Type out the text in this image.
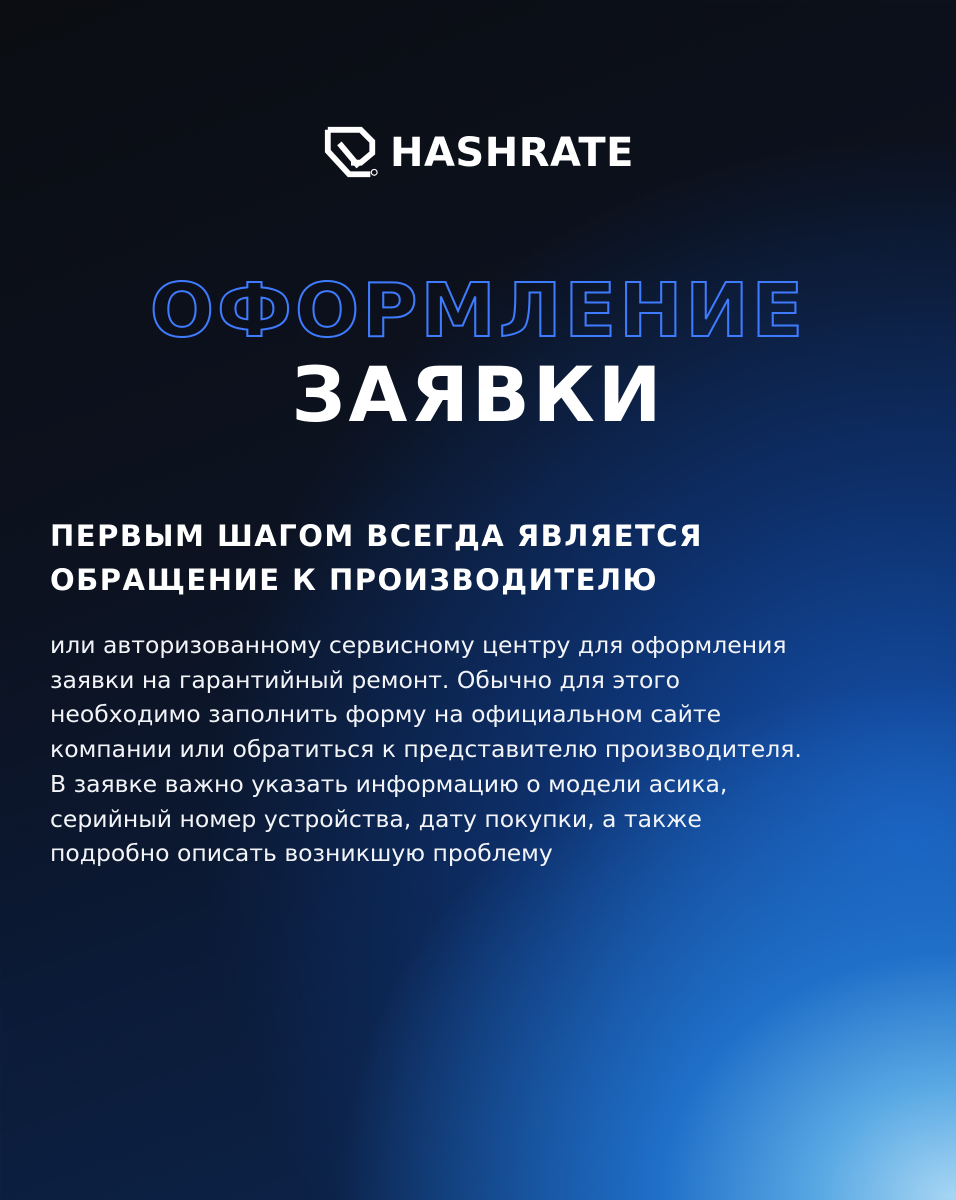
HASHRATE
ОФОРМЛЕНИЕ
ЗАЯВКИ
ПЕРВЫМ ШАГОМ ВСЕГДА ЯВЛЯЕТСЯ
ОБРАЩЕНИЕ К ПРОИЗВОДИТЕЛЮ
или авторизованному сервисному центру для оформления
заявки на гарантийный ремонт. Обычно для этого
необходимо заполнить форму на официальном сайте
компании или обратиться к представителю производителя.
В заявке важно указать информацию о модели асика,
серийный номер устройства, дату покупки, а также
подробно описать возникшую проблему
